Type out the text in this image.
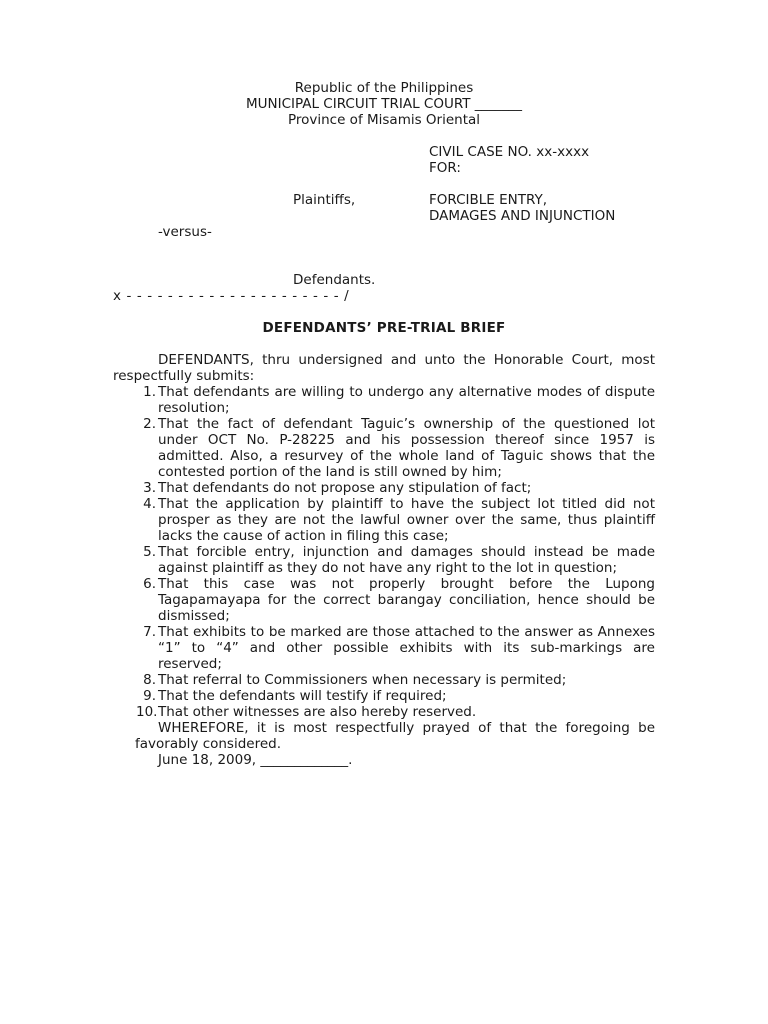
Republic of the Philippines
MUNICIPAL CIRCUIT TRIAL COURT _______
Province of Misamis Oriental
CIVIL CASE NO. xx-xxxx
FOR:
Plaintiffs,	FORCIBLE ENTRY,
DAMAGES AND INJUNCTION
-versus-
Defendants.
x - - - - - - - - - - - - - - - - - - - - - /
DEFENDANTS’ PRE-TRIAL BRIEF
DEFENDANTS, thru undersigned and unto the Honorable Court, most respectfully submits:
1. That defendants are willing to undergo any alternative modes of dispute resolution;
2. That the fact of defendant Taguic’s ownership of the questioned lot under OCT No. P-28225 and his possession thereof since 1957 is admitted. Also, a resurvey of the whole land of Taguic shows that the contested portion of the land is still owned by him;
3. That defendants do not propose any stipulation of fact;
4. That the application by plaintiff to have the subject lot titled did not prosper as they are not the lawful owner over the same, thus plaintiff lacks the cause of action in filing this case;
5. That forcible entry, injunction and damages should instead be made against plaintiff as they do not have any right to the lot in question;
6. That this case was not properly brought before the Lupong Tagapamayapa for the correct barangay conciliation, hence should be dismissed;
7. That exhibits to be marked are those attached to the answer as Annexes “1” to “4” and other possible exhibits with its sub-markings are reserved;
8. That referral to Commissioners when necessary is permited;
9. That the defendants will testify if required;
10. That other witnesses are also hereby reserved.
WHEREFORE, it is most respectfully prayed of that the foregoing be favorably considered.
June 18, 2009, _____________.
